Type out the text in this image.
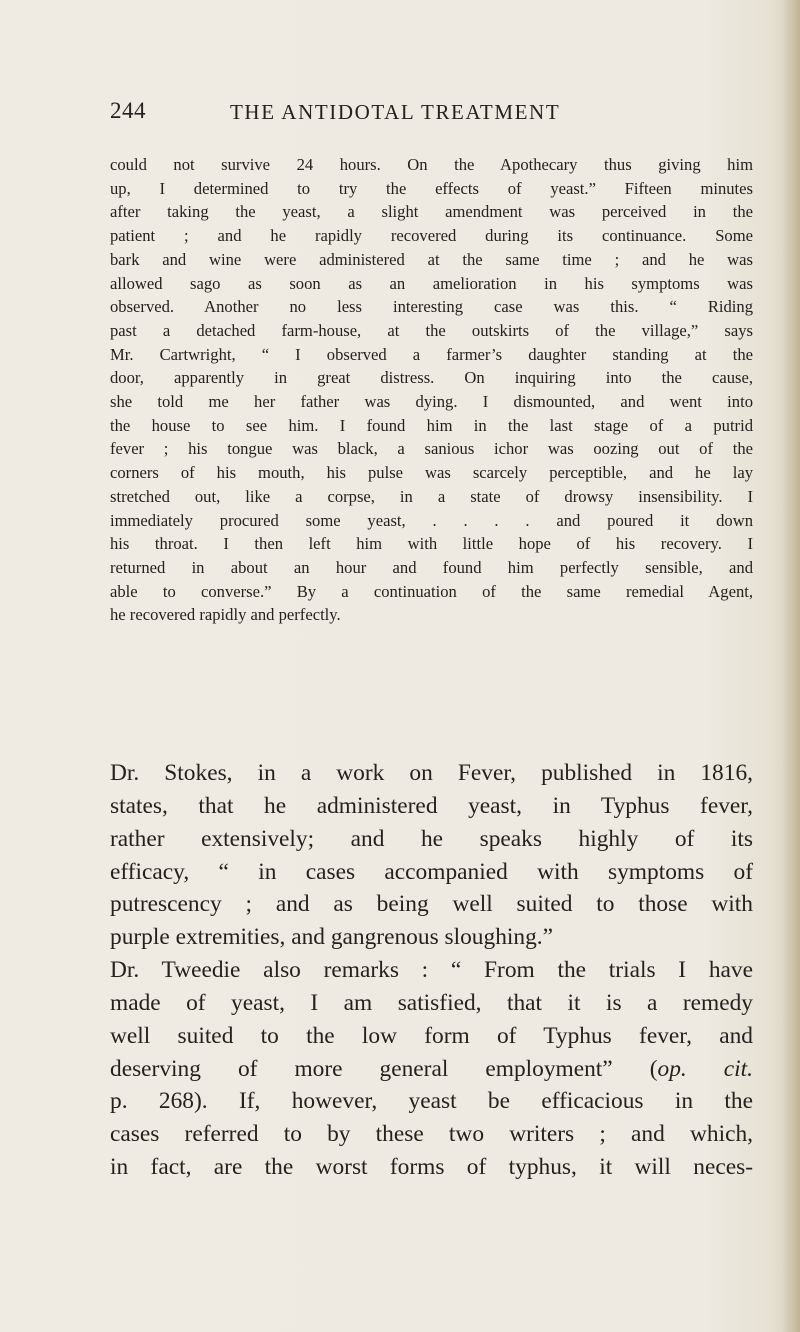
244	THE ANTIDOTAL TREATMENT
could not survive 24 hours. On the Apothecary thus giving him
up, I determined to try the effects of yeast.” Fifteen minutes
after taking the yeast, a slight amendment was perceived in the
patient ; and he rapidly recovered during its continuance. Some
bark and wine were administered at the same time ; and he was
allowed sago as soon as an amelioration in his symptoms was
observed. Another no less interesting case was this. “ Riding
past a detached farm-house, at the outskirts of the village,” says
Mr. Cartwright, “ I observed a farmer’s daughter standing at the
door, apparently in great distress. On inquiring into the cause,
she told me her father was dying. I dismounted, and went into
the house to see him. I found him in the last stage of a putrid
fever ; his tongue was black, a sanious ichor was oozing out of the
corners of his mouth, his pulse was scarcely perceptible, and he lay
stretched out, like a corpse, in a state of drowsy insensibility. I
immediately procured some yeast, . . . . and poured it down
his throat. I then left him with little hope of his recovery. I
returned in about an hour and found him perfectly sensible, and
able to converse.” By a continuation of the same remedial Agent,
he recovered rapidly and perfectly.
Dr. Stokes, in a work on Fever, published in 1816,
states, that he administered yeast, in Typhus fever,
rather extensively; and he speaks highly of its
efficacy, “ in cases accompanied with symptoms of
putrescency ; and as being well suited to those with
purple extremities, and gangrenous sloughing.”
Dr. Tweedie also remarks : “ From the trials I have
made of yeast, I am satisfied, that it is a remedy
well suited to the low form of Typhus fever, and
deserving of more general employment” (op. cit.
p. 268). If, however, yeast be efficacious in the
cases referred to by these two writers ; and which,
in fact, are the worst forms of typhus, it will neces-
